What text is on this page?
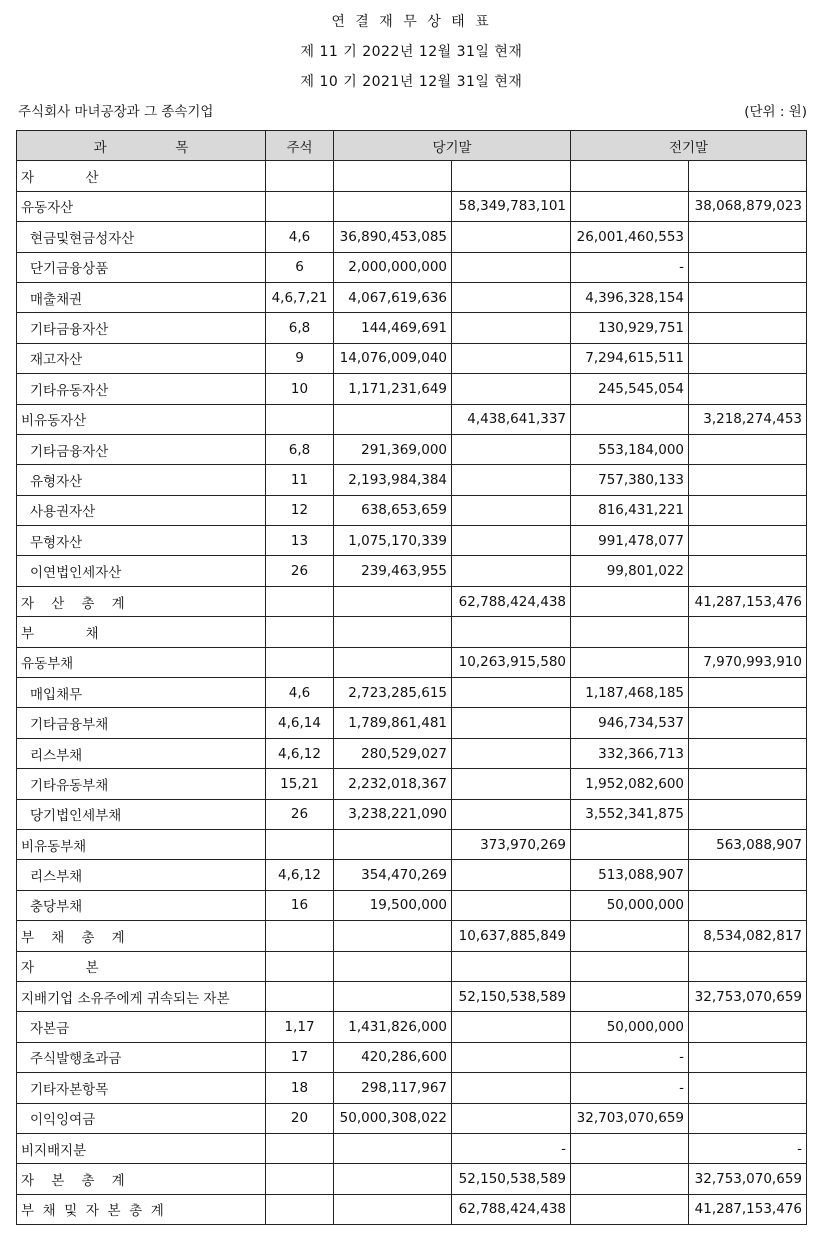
연 결 재 무 상 태 표
제 11 기 2022년 12월 31일 현재
제 10 기 2021년 12월 31일 현재
주식회사 마녀공장과 그 종속기업	(단위 : 원)
과                목	주석	당기말		전기말	
자            산					
유동자산			58,349,783,101		38,068,879,023
현금및현금성자산	4,6	36,890,453,085		26,001,460,553	
단기금융상품	6	2,000,000,000		-	
매출채권	4,6,7,21	4,067,619,636		4,396,328,154	
기타금융자산	6,8	144,469,691		130,929,751	
재고자산	9	14,076,009,040		7,294,615,511	
기타유동자산	10	1,171,231,649		245,545,054	
비유동자산			4,438,641,337		3,218,274,453
기타금융자산	6,8	291,369,000		553,184,000	
유형자산	11	2,193,984,384		757,380,133	
사용권자산	12	638,653,659		816,431,221	
무형자산	13	1,075,170,339		991,478,077	
이연법인세자산	26	239,463,955		99,801,022	
자    산    총    계			62,788,424,438		41,287,153,476
부            채					
유동부채			10,263,915,580		7,970,993,910
매입채무	4,6	2,723,285,615		1,187,468,185	
기타금융부채	4,6,14	1,789,861,481		946,734,537	
리스부채	4,6,12	280,529,027		332,366,713	
기타유동부채	15,21	2,232,018,367		1,952,082,600	
당기법인세부채	26	3,238,221,090		3,552,341,875	
비유동부채			373,970,269		563,088,907
리스부채	4,6,12	354,470,269		513,088,907	
충당부채	16	19,500,000		50,000,000	
부    채    총    계			10,637,885,849		8,534,082,817
자            본					
지배기업 소유주에게 귀속되는 자본			52,150,538,589		32,753,070,659
자본금	1,17	1,431,826,000		50,000,000	
주식발행초과금	17	420,286,600		-	
기타자본항목	18	298,117,967		-	
이익잉여금	20	50,000,308,022		32,703,070,659	
비지배지분			-		-
자    본    총    계			52,150,538,589		32,753,070,659
부  채  및  자  본  총  계			62,788,424,438		41,287,153,476
